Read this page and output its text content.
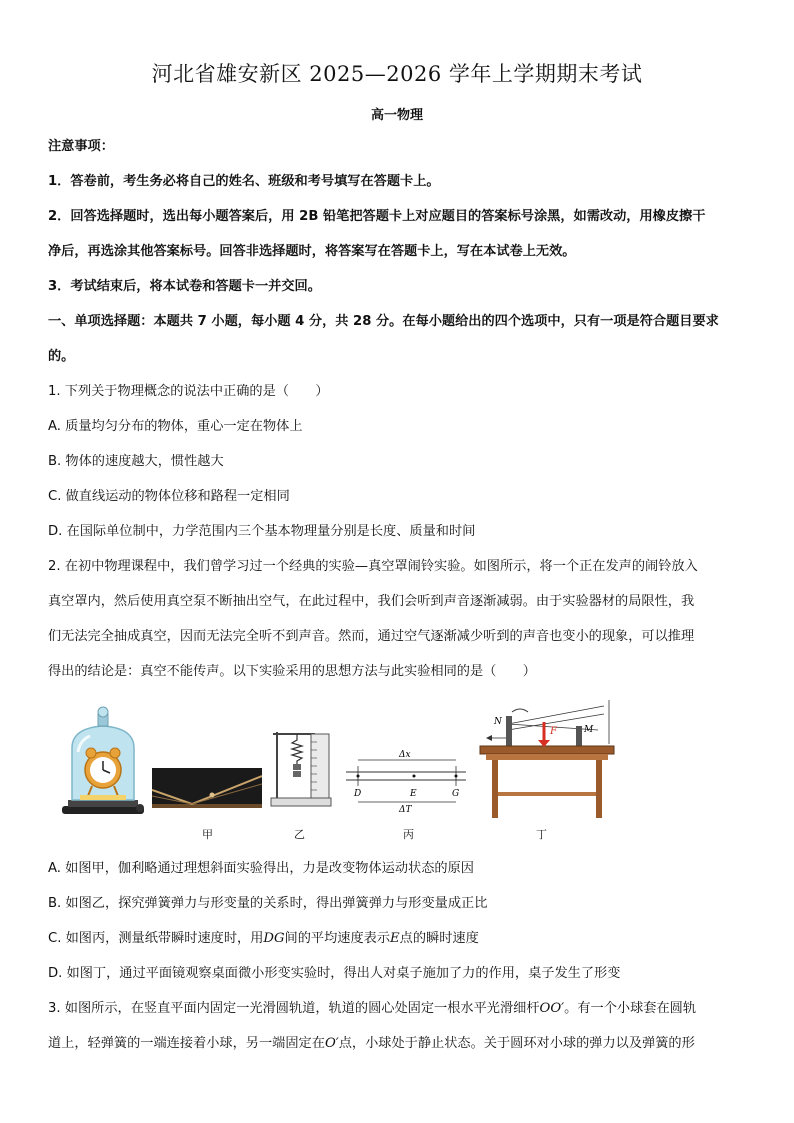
河北省雄安新区 2025—2026 学年上学期期末考试
高一物理
注意事项：
1．答卷前，考生务必将自己的姓名、班级和考号填写在答题卡上。
2．回答选择题时，选出每小题答案后，用 2B 铅笔把答题卡上对应题目的答案标号涂黑，如需改动，用橡皮擦干
净后，再选涂其他答案标号。回答非选择题时，将答案写在答题卡上，写在本试卷上无效。
3．考试结束后，将本试卷和答题卡一并交回。
一、单项选择题：本题共 7 小题，每小题 4 分，共 28 分。在每小题给出的四个选项中，只有一项是符合题目要求
的。
1. 下列关于物理概念的说法中正确的是（　　）
A. 质量均匀分布的物体，重心一定在物体上
B. 物体的速度越大，惯性越大
C. 做直线运动的物体位移和路程一定相同
D. 在国际单位制中，力学范围内三个基本物理量分别是长度、质量和时间
2. 在初中物理课程中，我们曾学习过一个经典的实验—真空罩闹铃实验。如图所示，将一个正在发声的闹铃放入
真空罩内，然后使用真空泵不断抽出空气，在此过程中，我们会听到声音逐渐减弱。由于实验器材的局限性，我
们无法完全抽成真空，因而无法完全听不到声音。然而，通过空气逐渐减少听到的声音也变小的现象，可以推理
得出的结论是：真空不能传声。以下实验采用的思想方法与此实验相同的是（　　）
Δx
D	E	G
ΔT
N
M
F
甲	乙	丙	丁
A. 如图甲，伽利略通过理想斜面实验得出，力是改变物体运动状态的原因
B. 如图乙，探究弹簧弹力与形变量的关系时，得出弹簧弹力与形变量成正比
C. 如图丙，测量纸带瞬时速度时，用DG间的平均速度表示E点的瞬时速度
D. 如图丁，通过平面镜观察桌面微小形变实验时，得出人对桌子施加了力的作用，桌子发生了形变
3. 如图所示，在竖直平面内固定一光滑圆轨道，轨道的圆心处固定一根水平光滑细杆OO′。有一个小球套在圆轨
道上，轻弹簧的一端连接着小球，另一端固定在O′点，小球处于静止状态。关于圆环对小球的弹力以及弹簧的形
